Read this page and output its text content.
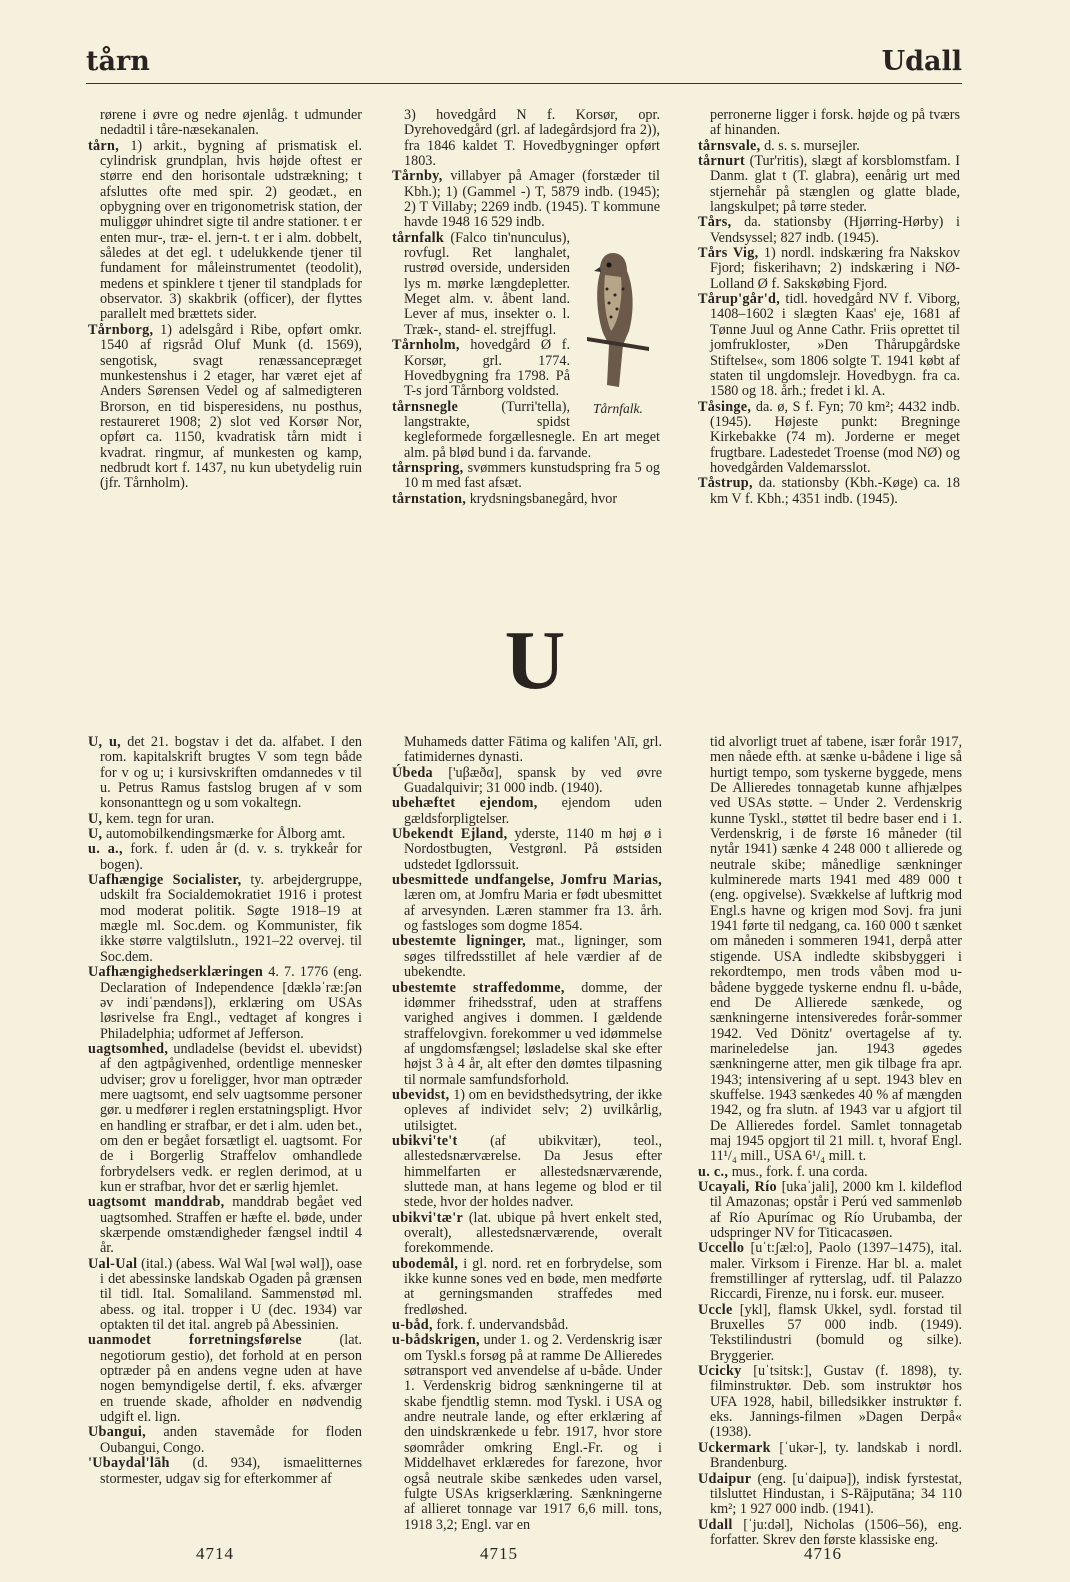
tårn	Udall
rørene i øvre og nedre øjenlåg. t udmunder nedadtil i tåre-næsekanalen.
tårn, 1) arkit., bygning af prismatisk el. cylindrisk grundplan, hvis højde oftest er større end den horisontale udstrækning; t afsluttes ofte med spir. 2) geodæt., en opbygning over en trigonometrisk station, der muliggør uhindret sigte til andre stationer. t er enten mur-, træ- el. jern-t. t er i alm. dobbelt, således at det egl. t udelukkende tjener til fundament for måleinstrumentet (teodolit), medens et spinklere t tjener til standplads for observator. 3) skakbrik (officer), der flyttes parallelt med brættets sider.
Tårnborg, 1) adelsgård i Ribe, opført omkr. 1540 af rigsråd Oluf Munk (d. 1569), sengotisk, svagt renæssancepræget munkestenshus i 2 etager, har været ejet af Anders Sørensen Vedel og af salmedigteren Brorson, en tid bisperesidens, nu posthus, restaureret 1908; 2) slot ved Korsør Nor, opført ca. 1150, kvadratisk tårn midt i kvadrat. ringmur, af munkesten og kamp, nedbrudt kort f. 1437, nu kun ubetydelig ruin (jfr. Tårnholm).
3) hovedgård N f. Korsør, opr. Dyrehovedgård (grl. af ladegårdsjord fra 2)), fra 1846 kaldet T. Hovedbygninger opført 1803.
Tårnby, villabyer på Amager (forstæder til Kbh.); 1) (Gammel -) T, 5879 indb. (1945); 2) T Villaby; 2269 indb. (1945). T kommune havde 1948 16 529 indb.
Tårnfalk.
tårnfalk (Falco tin'nunculus), rovfugl. Ret langhalet, rustrød overside, undersiden lys m. mørke længdepletter. Meget alm. v. åbent land. Lever af mus, insekter o. l. Træk-, stand- el. strejffugl.
Tårnholm, hovedgård Ø f. Korsør, grl. 1774. Hovedbygning fra 1798. På T-s jord Tårnborg voldsted.
tårnsnegle	(Turri'tella), langstrakte, spidst kegleformede forgællesnegle. En art meget alm. på blød bund i da. farvande.
tårnspring, svømmers kunstudspring fra 5 og 10 m med fast afsæt.
tårnstation, krydsningsbanegård, hvor
perronerne ligger i forsk. højde og på tværs af hinanden.
tårnsvale, d. s. s. mursejler.
tårnurt (Tur'ritis), slægt af korsblomstfam. I Danm. glat t (T. glabra), eenårig urt med stjernehår på stænglen og glatte blade, langskulpet; på tørre steder.
Tårs, da. stationsby (Hjørring-Hørby) i Vendsyssel; 827 indb. (1945).
Tårs Vig, 1) nordl. indskæring fra Nakskov Fjord; fiskerihavn; 2) indskæring i NØ-Lolland Ø f. Sakskøbing Fjord.
Tårup'går'd, tidl. hovedgård NV f. Viborg, 1408–1602 i slægten Kaas' eje, 1681 af Tønne Juul og Anne Cathr. Friis oprettet til jomfrukloster, »Den Thårupgårdske Stiftelse«, som 1806 solgte T. 1941 købt af staten til ungdomslejr. Hovedbygn. fra ca. 1580 og 18. årh.; fredet i kl. A.
Tåsinge, da. ø, S f. Fyn; 70 km²; 4432 indb. (1945). Højeste punkt: Bregninge Kirkebakke (74 m). Jorderne er meget frugtbare. Ladestedet Troense (mod NØ) og hovedgården Valdemarsslot.
Tåstrup, da. stationsby (Kbh.-Køge) ca. 18 km V f. Kbh.; 4351 indb. (1945).
U
U, u, det 21. bogstav i det da. alfabet. I den rom. kapitalskrift brugtes V som tegn både for v og u; i kursivskriften omdannedes v til u. Petrus Ramus fastslog brugen af v som konsonanttegn og u som vokaltegn.
U, kem. tegn for uran.
U, automobilkendingsmærke for Ålborg amt.
u. a., fork. f. uden år (d. v. s. trykkeår for bogen).
Uafhængige Socialister, ty. arbejdergruppe, udskilt fra Socialdemokratiet 1916 i protest mod moderat politik. Søgte 1918–19 at mægle ml. Soc.dem. og Kommunister, fik ikke større valgtilslutn., 1921–22 overvej. til Soc.dem.
Uafhængighedserklæringen 4. 7. 1776 (eng. Declaration of Independence [dækləˈræ:ʃən əv indiˈpændəns]), erklæring om USAs løsrivelse fra Engl., vedtaget af kongres i Philadelphia; udformet af Jefferson.
uagtsomhed, undladelse (bevidst el. ubevidst) af den agtpågivenhed, ordentlige mennesker udviser; grov u foreligger, hvor man optræder mere uagtsomt, end selv uagtsomme personer gør. u medfører i reglen erstatningspligt. Hvor en handling er strafbar, er det i alm. uden bet., om den er begået forsætligt el. uagtsomt. For de i Borgerlig Straffelov omhandlede forbrydelsers vedk. er reglen derimod, at u kun er strafbar, hvor det er særlig hjemlet.
uagtsomt manddrab, manddrab begået ved uagtsomhed. Straffen er hæfte el. bøde, under skærpende omstændigheder fængsel indtil 4 år.
Ual-Ual (ital.) (abess. Wal Wal [wəl wəl]), oase i det abessinske landskab Ogaden på grænsen til tidl. Ital. Somaliland. Sammenstød ml. abess. og ital. tropper i U (dec. 1934) var optakten til det ital. angreb på Abessinien.
uanmodet forretningsførelse	(lat. negotiorum gestio), det forhold at en person optræder på en andens vegne uden at have nogen bemyndigelse dertil, f. eks. afværger en truende skade, afholder en nødvendig udgift el. lign.
Ubangui, anden stavemåde for floden Oubangui, Congo.
'Ubaydal'lāh (d. 934), ismaelitternes stormester, udgav sig for efterkommer af
Muhameds datter Fātima og kalifen 'Alī, grl. fatimidernes dynasti.
Úbeda ['uβæðα], spansk by ved øvre Guadalquivir; 31 000 indb. (1940).
ubehæftet ejendom, ejendom uden gældsforpligtelser.
Ubekendt Ejland, yderste, 1140 m høj ø i Nordostbugten, Vestgrønl. På østsiden udstedet Igdlorssuit.
ubesmittede undfangelse, Jomfru Marias, læren om, at Jomfru Maria er født ubesmittet af arvesynden. Læren stammer fra 13. årh. og fastsloges som dogme 1854.
ubestemte ligninger, mat., ligninger, som søges tilfredsstillet af hele værdier af de ubekendte.
ubestemte straffedomme, domme, der idømmer frihedsstraf, uden at straffens varighed angives i dommen. I gældende straffelovgivn. forekommer u ved idømmelse af ungdomsfængsel; løsladelse skal ske efter højst 3 à 4 år, alt efter den dømtes tilpasning til normale samfundsforhold.
ubevidst, 1) om en bevidsthedsytring, der ikke opleves af individet selv; 2) uvilkårlig, utilsigtet.
ubikvi'te't (af ubikvitær), teol., allestedsnærværelse. Da Jesus efter himmelfarten er allestedsnærværende, sluttede man, at hans legeme og blod er til stede, hvor der holdes nadver.
ubikvi'tæ'r (lat. ubique på hvert enkelt sted, overalt), allestedsnærværende, overalt forekommende.
ubodemål, i gl. nord. ret en forbrydelse, som ikke kunne sones ved en bøde, men medførte at gerningsmanden straffedes med fredløshed.
u-båd, fork. f. undervandsbåd.
u-bådskrigen, under 1. og 2. Verdenskrig især om Tyskl.s forsøg på at ramme De Allieredes søtransport ved anvendelse af u-både. Under 1. Verdenskrig bidrog sænkningerne til at skabe fjendtlig stemn. mod Tyskl. i USA og andre neutrale lande, og efter erklæring af den uindskrænkede u febr. 1917, hvor store søområder omkring Engl.-Fr. og i Middelhavet erklæredes for farezone, hvor også neutrale skibe sænkedes uden varsel, fulgte USAs krigserklæring. Sænkningerne af allieret tonnage var 1917 6,6 mill. tons, 1918 3,2; Engl. var en
tid alvorligt truet af tabene, især forår 1917, men nåede efth. at sænke u-bådene i lige så hurtigt tempo, som tyskerne byggede, mens De Allieredes tonnagetab kunne afhjælpes ved USAs støtte. – Under 2. Verdenskrig kunne Tyskl., støttet til bedre baser end i 1. Verdenskrig, i de første 16 måneder (til nytår 1941) sænke 4 248 000 t allierede og neutrale skibe; månedlige sænkninger kulminerede marts 1941 med 489 000 t (eng. opgivelse). Svækkelse af luftkrig mod Engl.s havne og krigen mod Sovj. fra juni 1941 førte til nedgang, ca. 160 000 t sænket om måneden i sommeren 1941, derpå atter stigende. USA indledte skibsbyggeri i rekordtempo, men trods våben mod u-bådene byggede tyskerne endnu fl. u-både, end De Allierede sænkede, og sænkningerne intensiveredes forår-sommer 1942. Ved Dönitz' overtagelse af ty. marineledelse jan. 1943 øgedes sænkningerne atter, men gik tilbage fra apr. 1943; intensivering af u sept. 1943 blev en skuffelse. 1943 sænkedes 40 % af mængden 1942, og fra slutn. af 1943 var u afgjort til De Allieredes fordel. Samlet tonnagetab maj 1945 opgjort til 21 mill. t, hvoraf Engl. 11¹/₄ mill., USA 6¹/₄ mill. t.
u. c., mus., fork. f. una corda.
Ucayali, Río [ukaˈjali], 2000 km l. kildeflod til Amazonas; opstår i Perú ved sammenløb af Río Apurímac og Río Urubamba, der udspringer NV for Titicacasøen.
Uccello [uˈt:ʃæl:o], Paolo (1397–1475), ital. maler. Virksom i Firenze. Har bl. a. malet fremstillinger af rytterslag, udf. til Palazzo Riccardi, Firenze, nu i forsk. eur. museer.
Uccle [ykl], flamsk Ukkel, sydl. forstad til Bruxelles 57 000 indb. (1949). Tekstilindustri (bomuld og silke). Bryggerier.
Ucicky [uˈtsitsk:], Gustav (f. 1898), ty. filminstruktør. Deb. som instruktør hos UFA 1928, habil, billedsikker instruktør f. eks. Jannings-filmen »Dagen Derpå« (1938).
Uckermark [ˈukər-], ty. landskab i nordl. Brandenburg.
Udaipur (eng. [uˈdaipuə]), indisk fyrstestat, tilsluttet Hindustan, i S-Rājputāna; 34 110 km²; 1 927 000 indb. (1941).
Udall [ˈju:dəl], Nicholas (1506–56), eng. forfatter. Skrev den første klassiske eng.
4714	4715	4716
